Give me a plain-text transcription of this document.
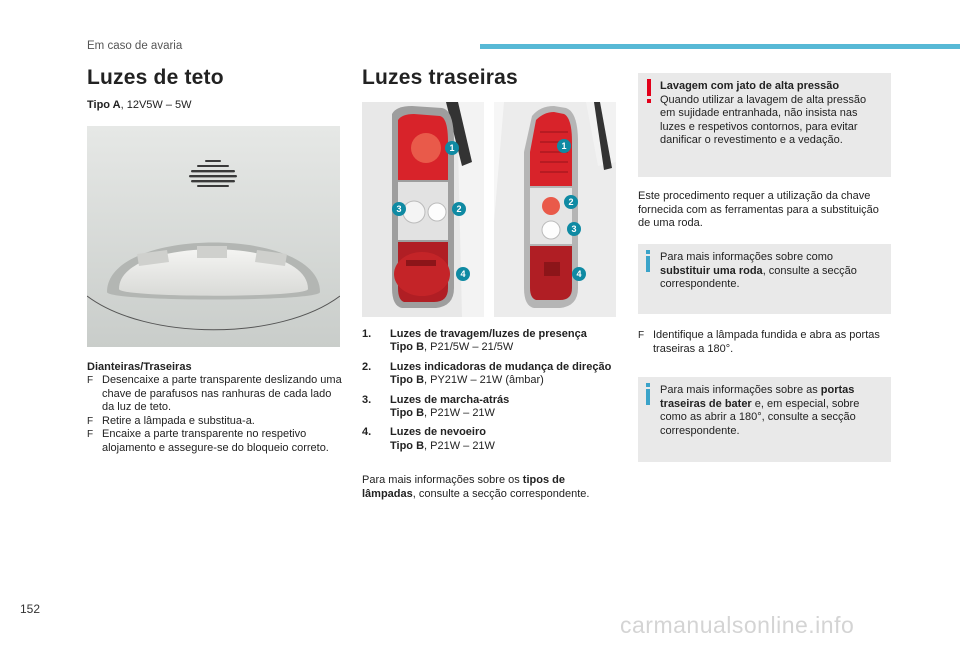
Em caso de avaria
Luzes de teto
Tipo A, 12V5W – 5W
Dianteiras/Traseiras
F Desencaixe a parte transparente deslizando uma chave de parafusos nas ranhuras de cada lado da luz de teto.
F Retire a lâmpada e substitua-a.
F Encaixe a parte transparente no respetivo alojamento e assegure-se do bloqueio correto.
Luzes traseiras
1
2
3
4
1
2
3
4
1. Luzes de travagem/luzes de presença
Tipo B, P21/5W – 21/5W
2. Luzes indicadoras de mudança de direção
Tipo B, PY21W – 21W (âmbar)
3. Luzes de marcha-atrás
Tipo B, P21W – 21W
4. Luzes de nevoeiro
Tipo B, P21W – 21W
Para mais informações sobre os tipos de lâmpadas, consulte a secção correspondente.
Lavagem com jato de alta pressão
Quando utilizar a lavagem de alta pressão em sujidade entranhada, não insista nas luzes e respetivos contornos, para evitar danificar o revestimento e a vedação.
Este procedimento requer a utilização da chave fornecida com as ferramentas para a substituição de uma roda.
Para mais informações sobre como substituir uma roda, consulte a secção correspondente.
F Identifique a lâmpada fundida e abra as portas traseiras a 180°.
Para mais informações sobre as portas traseiras de bater e, em especial, sobre como as abrir a 180°, consulte a secção correspondente.
152
carmanualsonline.info
